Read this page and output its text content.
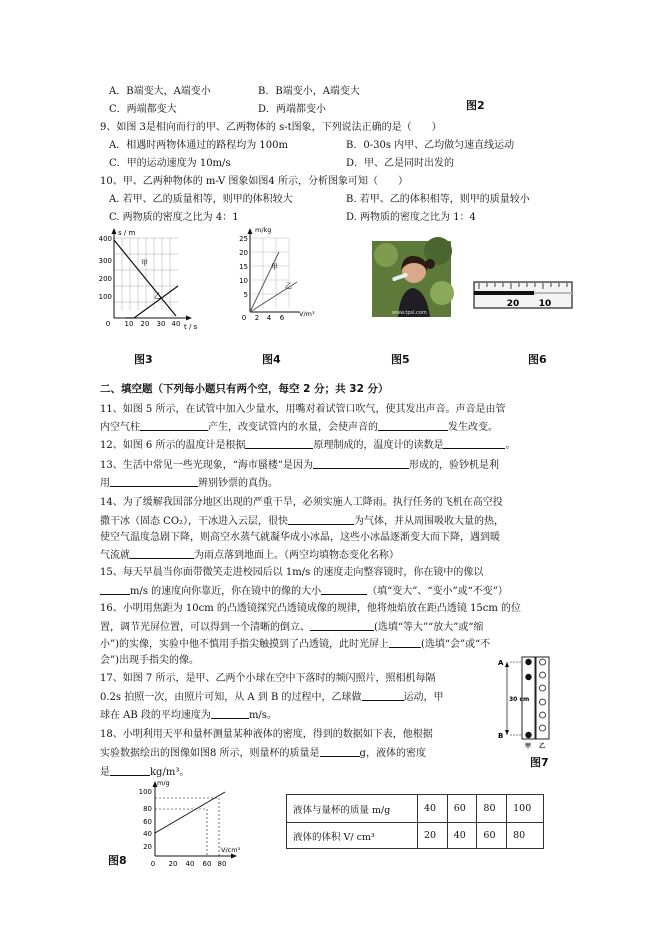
A．B端变大，A端变小	B．B端变小，A端变大
C．两端都变大	D．两端都变小	图2
9、如图 3是相向而行的甲、乙两物体的 s-t图象，下列说法正确的是（　　）
A．相遇时两物体通过的路程均为 100m	B．0-30s 内甲、乙均做匀速直线运动
C．甲的运动速度为 10m/s	D．甲、乙是同时出发的
10、甲、乙两种物体的 m-V 图象如图4 所示，分析图象可知（　　）
A. 若甲、乙的质量相等，则甲的体积较大	B. 若甲、乙的体积相等，则甲的质量较小
C. 两物质的密度之比为 4：1	D. 两物质的密度之比为 1：4
s / m
t / s
甲
乙
400
300
200
100
0 10 20 30 40
图3
m/kg
V/m³
甲
乙
25
20
15
10
5
0 2 4 6
图4
www.tpsl.com
图5
20 10
图6
二、填空题（下列每小题只有两个空，每空 2 分；共 32 分）
11、如图 5 所示，在试管中加入少量水，用嘴对着试管口吹气，使其发出声音。声音是由管
内空气柱	产生，改变试管内的水量，会使声音的	发生改变。
12、如图 6 所示的温度计是根据	原理制成的，温度计的读数是	。
13、生活中常见一些光现象，“海市蜃楼”是因为	形成的，验钞机是利
用	辨别钞票的真伪。
14、为了缓解我国部分地区出现的严重干旱，必须实施人工降雨。执行任务的飞机在高空投
撒干冰（固态 CO₂），干冰进入云层，很快	为气体，并从周围吸收大量的热，
使空气温度急剧下降，则高空水蒸气就凝华成小冰晶，这些小冰晶逐渐变大而下降，遇到暖
气流就	为雨点落到地面上。（两空均填物态变化名称）
15、每天早晨当你面带微笑走进校园后以 1m/s 的速度走向整容镜时，你在镜中的像以
m/s 的速度向你靠近，你在镜中的像的大小	（填“变大”、“变小”或“不变”）
16、小明用焦距为 10cm 的凸透镜探究凸透镜成像的规律，他将烛焰放在距凸透镜 15cm 的位
置，调节光屏位置，可以得到一个清晰的倒立、	(选填“等大”“放大”或“缩
小”)的实像，实验中他不慎用手指尖触摸到了凸透镜，此时光屏上	(选填“会”或“不
会”)出现手指尖的像。
17、如图 7 所示，是甲、乙两个小球在空中下落时的频闪照片，照相机每隔
0.2s 拍照一次，由照片可知，从 A 到 B 的过程中，乙球做	运动，甲
球在 AB 段的平均速度为	m/s。
A
B
30 cm
甲 乙
图7
18、小明利用天平和量杯测量某种液体的密度，得到的数据如下表，他根据
实验数据绘出的图像如图8 所示，则量杯的质量是	g，液体的密度
是	kg/m³。
m/g
V/cm³
100
80
60
40
20
0 20 40 60 80
图8
液体与量杯的质量 m/g	40	60	80	100
液体的体积 V/ cm³	20	40	60	80
